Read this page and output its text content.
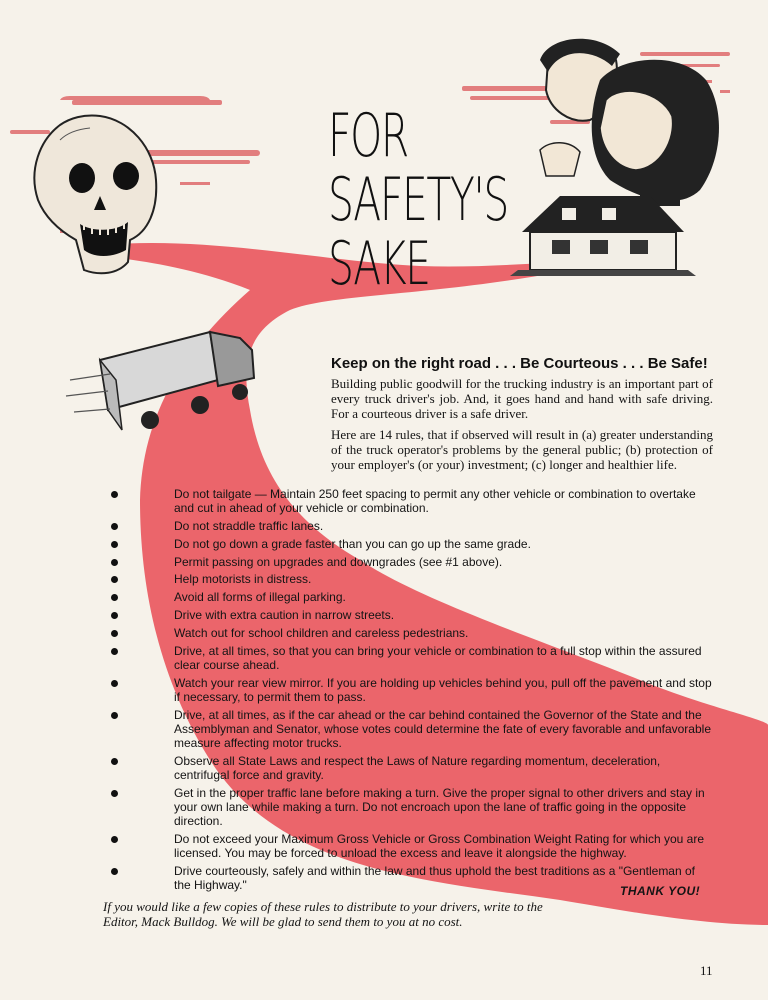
FOR
SAFETY'S
SAKE
Keep on the right road . . . Be Courteous . . . Be Safe!

Building public goodwill for the trucking industry is an important part of every truck driver's job. And, it goes hand and hand with safe driving. For a courteous driver is a safe driver.

Here are 14 rules, that if observed will result in (a) greater understanding of the truck operator's problems by the general public; (b) protection of your employer's (or your) investment; (c) longer and healthier life.

Do not tailgate — Maintain 250 feet spacing to permit any other vehicle or combination to overtake and cut in ahead of your vehicle or combination.
Do not straddle traffic lanes.
Do not go down a grade faster than you can go up the same grade.
Permit passing on upgrades and downgrades (see #1 above).
Help motorists in distress.
Avoid all forms of illegal parking.
Drive with extra caution in narrow streets.
Watch out for school children and careless pedestrians.
Drive, at all times, so that you can bring your vehicle or combination to a full stop within the assured clear course ahead.
Watch your rear view mirror. If you are holding up vehicles behind you, pull off the pavement and stop if necessary, to permit them to pass.
Drive, at all times, as if the car ahead or the car behind contained the Governor of the State and the Assemblyman and Senator, whose votes could determine the fate of every favorable and unfavorable measure affecting motor trucks.
Observe all State Laws and respect the Laws of Nature regarding momentum, deceleration, centrifugal force and gravity.
Get in the proper traffic lane before making a turn. Give the proper signal to other drivers and stay in your own lane while making a turn. Do not encroach upon the lane of traffic going in the opposite direction.
Do not exceed your Maximum Gross Vehicle or Gross Combination Weight Rating for which you are licensed. You may be forced to unload the excess and leave it alongside the highway.
Drive courteously, safely and within the law and thus uphold the best traditions as a "Gentleman of the Highway."	THANK YOU!
If you would like a few copies of these rules to distribute to your drivers, write to the Editor, Mack Bulldog. We will be glad to send them to you at no cost.
11
